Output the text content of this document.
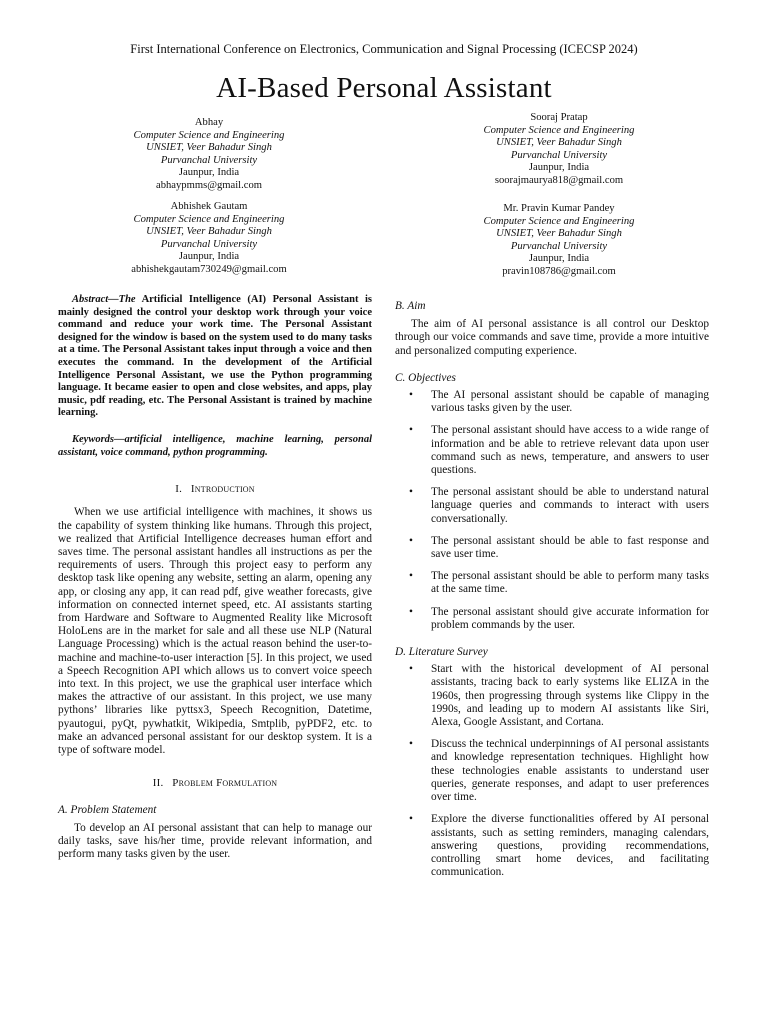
First International Conference on Electronics, Communication and Signal Processing (ICECSP 2024)
AI-Based Personal Assistant
Abhay
Computer Science and Engineering
UNSIET, Veer Bahadur Singh
Purvanchal University
Jaunpur, India
abhaypmms@gmail.com
Sooraj Pratap
Computer Science and Engineering
UNSIET, Veer Bahadur Singh
Purvanchal University
Jaunpur, India
soorajmaurya818@gmail.com
Abhishek Gautam
Computer Science and Engineering
UNSIET, Veer Bahadur Singh
Purvanchal University
Jaunpur, India
abhishekgautam730249@gmail.com
Mr. Pravin Kumar Pandey
Computer Science and Engineering
UNSIET, Veer Bahadur Singh
Purvanchal University
Jaunpur, India
pravin108786@gmail.com

Abstract—The Artificial Intelligence (AI) Personal Assistant is mainly designed the control your desktop work through your voice command and reduce your work time. The Personal Assistant designed for the window is based on the system used to do many tasks at a time. The Personal Assistant takes input through a voice and then executes the command. In the development of the Artificial Intelligence Personal Assistant, we use the Python programming language. It became easier to open and close websites, and apps, play music, pdf reading, etc. The Personal Assistant is trained by machine learning.

Keywords—artificial intelligence, machine learning, personal assistant, voice command, python programming.

I. Introduction

When we use artificial intelligence with machines, it shows us the capability of system thinking like humans. Through this project, we realized that Artificial Intelligence decreases human effort and saves time. The personal assistant handles all instructions as per the requirements of users. Through this project easy to perform any desktop task like opening any website, setting an alarm, opening any app, or closing any app, it can read pdf, give weather forecasts, give information on connected internet speed, etc. AI assistants starting from Hardware and Software to Augmented Reality like Microsoft HoloLens are in the market for sale and all these use NLP (Natural Language Processing) which is the actual reason behind the user-to-machine and machine-to-user interaction [5]. In this project, we used a Speech Recognition API which allows us to convert voice speech into text. In this project, we use the graphical user interface which makes the attractive of our assistant. In this project, we use many pythons’ libraries like pyttsx3, Speech Recognition, Datetime, pyautogui, pyQt, pywhatkit, Wikipedia, Smtplib, pyPDF2, etc. to make an advanced personal assistant for our desktop system. It is a type of software model.

II. Problem Formulation

A. Problem Statement

To develop an AI personal assistant that can help to manage our daily tasks, save his/her time, provide relevant information, and perform many tasks given by the user.

B. Aim

The aim of AI personal assistance is all control our Desktop through our voice commands and save time, provide a more intuitive and personalized computing experience.

C. Objectives

• The AI personal assistant should be capable of managing various tasks given by the user.
• The personal assistant should have access to a wide range of information and be able to retrieve relevant data upon user command such as news, temperature, and answers to user questions.
• The personal assistant should be able to understand natural language queries and commands to interact with users conversationally.
• The personal assistant should be able to fast response and save user time.
• The personal assistant should be able to perform many tasks at the same time.
• The personal assistant should give accurate information for problem commands by the user.

D. Literature Survey

• Start with the historical development of AI personal assistants, tracing back to early systems like ELIZA in the 1960s, then progressing through systems like Clippy in the 1990s, and leading up to modern AI assistants like Siri, Alexa, Google Assistant, and Cortana.
• Discuss the technical underpinnings of AI personal assistants and knowledge representation techniques. Highlight how these technologies enable assistants to understand user queries, generate responses, and adapt to user preferences over time.
• Explore the diverse functionalities offered by AI personal assistants, such as setting reminders, managing calendars, answering questions, providing recommendations, controlling smart home devices, and facilitating communication.
